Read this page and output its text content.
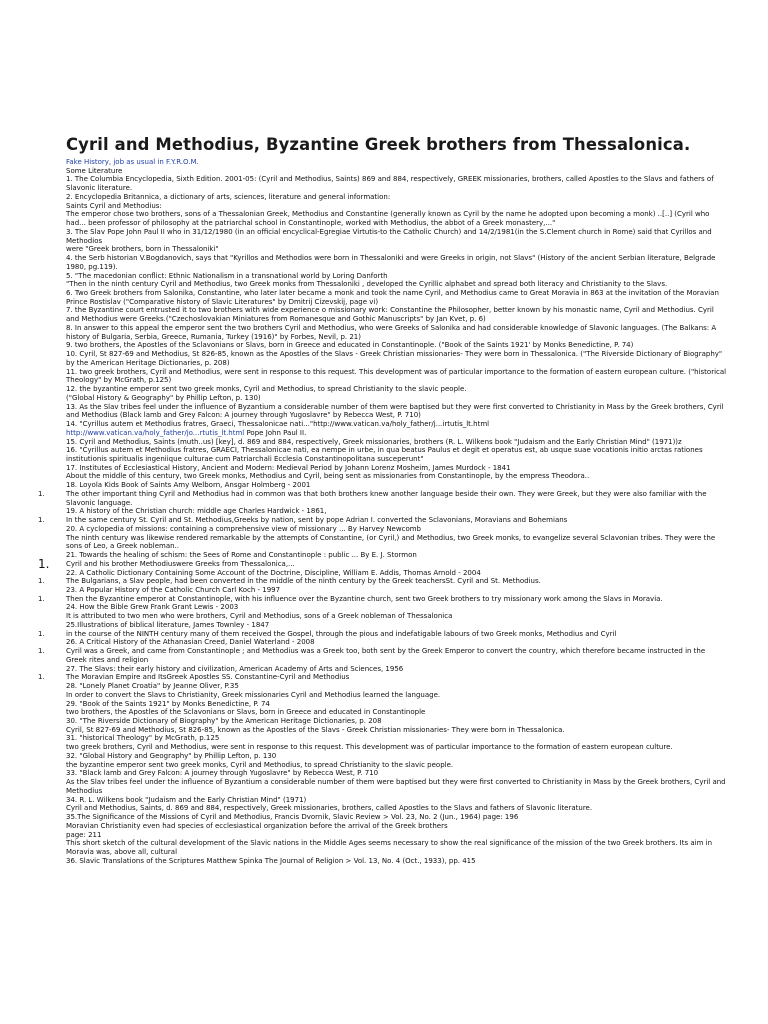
Cyril and Methodius, Byzantine Greek brothers from Thessalonica.
Fake History, job as usual in F.Y.R.O.M.
Some Literature
1. The Columbia Encyclopedia, Sixth Edition. 2001-05: (Cyril and Methodius, Saints) 869 and 884, respectively, GREEK missionaries, brothers, called Apostles to the Slavs and fathers of Slavonic literature.
2. Encyclopedia Britannica, a dictionary of arts, sciences, literature and general information:
Saints Cyril and Methodius:
The emperor chose two brothers, sons of a Thessalonian Greek, Methodius and Constantine (generally known as Cyril by the name he adopted upon becoming a monk) ..[..] (Cyril who had... been professor of philosophy at the patriarchal school in Constantinople, worked with Methodius, the abbot of a Greek monastery,..."
3. The Slav Pope John Paul II who in 31/12/1980 (in an official encyclical-Egregiae Virtutis-to the Catholic Church) and 14/2/1981(in the S.Clement church in Rome) said that Cyrillos and Methodios
were "Greek brothers, born in Thessaloniki"
4. the Serb historian V.Bogdanovich, says that "Kyrillos and Methodios were born in Thessaloniki and were Greeks in origin, not Slavs" (History of the ancient Serbian literature, Belgrade 1980, pg.119).
5. "The macedonian conflict: Ethnic Nationalism in a transnational world by Loring Danforth
"Then in the ninth century Cyril and Methodius, two Greek monks from Thessaloniki , developed the Cyrillic alphabet and spread both literacy and Christianity to the Slavs.
6. Two Greek brothers from Salonika, Constantine, who later later became a monk and took the name Cyril, and Methodius came to Great Moravia in 863 at the invitation of the Moravian Prince Rostislav ("Comparative history of Slavic Literatures" by Dmitrij Cizevskij, page vi)
7. the Byzantine court entrusted it to two brothers with wide experience o missionary work: Constantine the Philosopher, better known by his monastic name, Cyril and Methodius. Cyril and Methodius were Greeks.("Czechoslovakian Miniatures from Romanesque and Gothic Manuscripts" by Jan Kvet, p. 6)
8. In answer to this appeal the emperor sent the two brothers Cyril and Methodius, who were Greeks of Salonika and had considerable knowledge of Slavonic languages. (The Balkans: A history of Bulgaria, Serbia, Greece, Rumania, Turkey (1916)" by Forbes, Nevil, p. 21)
9. two brothers, the Apostles of the Sclavonians or Slavs, born in Greece and educated in Constantinople. ("Book of the Saints 1921' by Monks Benedictine, P. 74)
10. Cyril, St 827-69 and Methodius, St 826-85, known as the Apostles of the Slavs - Greek Christian missionaries- They were born in Thessalonica. ("The Riverside Dictionary of Biography" by the American Heritage Dictionaries, p. 208)
11. two greek brothers, Cyril and Methodius, were sent in response to this request. This development was of particular importance to the formation of eastern european culture. ("historical Theology" by McGrath, p.125)
12. the byzantine emperor sent two greek monks, Cyril and Methodius, to spread Christianity to the slavic people.
("Global History & Geography" by Phillip Lefton, p. 130)
13. As the Slav tribes feel under the influence of Byzantium a considerable number of them were baptised but they were first converted to Christianity in Mass by the Greek brothers, Cyril and Methodius (Black lamb and Grey Falcon: A journey through Yugoslavre" by Rebecca West, P. 710)
14. "Cyrillus autem et Methodius fratres, Graeci, Thessalonicae nati..."http://www.vatican.va/holy_father/j...irtutis_lt.html
http://www.vatican.va/holy_father/jo...rtutis_lt.html Pope John Paul II.
15. Cyril and Methodius, Saints (muth..us) [key], d. 869 and 884, respectively, Greek missionaries, brothers (R. L. Wilkens book "Judaism and the Early Christian Mind" (1971))z
16. "Cyrillus autem et Methodius fratres, GRAECI, Thessalonicae nati, ea nempe in urbe, in qua beatus Paulus et degit et operatus est, ab usque suae vocationis initio arctas rationes institutionis spiritualis ingeniique culturae cum Patriarchali Ecclesia Constantinopolitana susceperunt"
17. Institutes of Ecclesiastical History, Ancient and Modern: Medieval Period by Johann Lorenz Mosheim, James Murdock - 1841
About the middle of this century, two Greek monks, Methodius and Cyril, being sent as missionaries from Constantinople, by the empress Theodora..
18. Loyola Kids Book of Saints Amy Welborn, Ansgar Holmberg - 2001
1.	The other important thing Cyril and Methodius had in common was that both brothers knew another language beside their own. They were Greek, but they were also familiar with the Slavonic language.
19. A history of the Christian church: middle age Charles Hardwick - 1861,
1.	In the same century St. Cyril and St. Methodius,Greeks by nation, sent by pope Adrian I. converted the Sclavonians, Moravians and Bohemians
20. A cyclopedia of missions: containing a comprehensive view of missionary ... By Harvey Newcomb
The ninth century was likewise rendered remarkable by the attempts of Constantine, (or Cyril,) and Methodius, two Greek monks, to evangelize several Sclavonian tribes. They were the sons of Leo, a Greek nobleman..
21. Towards the healing of schism: the Sees of Rome and Constantinople : public ... By E. J. Stormon
1. Cyril and his brother Methodiuswere Greeks from Thessalonica,...
22. A Catholic Dictionary Containing Some Account of the Doctrine, Discipline, William E. Addis, Thomas Arnold - 2004
1.	The Bulgarians, a Slav people, had been converted in the middle of the ninth century by the Greek teachersSt. Cyril and St. Methodius.
23. A Popular History of the Catholic Church Carl Koch - 1997
1.	Then the Byzantine emperor at Constantinople, with his influence over the Byzantine church, sent two Greek brothers to try missionary work among the Slavs in Moravia.
24. How the Bible Grew Frank Grant Lewis - 2003
It is attributed to two men who were brothers, Cyril and Methodius, sons of a Greek nobleman of Thessalonica
25.Illustrations of biblical literature, James Townley - 1847
1.	in the course of the NINTH century many of them received the Gospel, through the pious and indefatigable labours of two Greek monks, Methodius and Cyril
26. A Critical History of the Athanasian Creed, Daniel Waterland - 2008
1.	Cyril was a Greek, and came from Constantinople ; and Methodius was a Greek too, both sent by the Greek Emperor to convert the country, which therefore became instructed in the Greek rites and religion
27. The Slavs: their early history and civilization, American Academy of Arts and Sciences, 1956
1.	The Moravian Empire and ItsGreek Apostles SS. Constantine-Cyril and Methodius
28. "Lonely Planet Croatia" by Jeanne Oliver, P.35
In order to convert the Slavs to Christianity, Greek missionaries Cyril and Methodius learned the language.
29. "Book of the Saints 1921" by Monks Benedictine, P. 74
two brothers, the Apostles of the Sclavonians or Slavs, born in Greece and educated in Constantinople
30. "The Riverside Dictionary of Biography" by the American Heritage Dictionaries, p. 208
Cyril, St 827-69 and Methodius, St 826-85, known as the Apostles of the Slavs - Greek Christian missionaries- They were born in Thessalonica.
31. "historical Theology" by McGrath, p.125
two greek brothers, Cyril and Methodius, were sent in response to this request. This development was of particular importance to the formation of eastern european culture.
32. "Global History and Geography" by Phillip Lefton, p. 130
the byzantine emperor sent two greek monks, Cyril and Methodius, to spread Christianity to the slavic people.
33. "Black lamb and Grey Falcon: A journey through Yugoslavre" by Rebecca West, P. 710
As the Slav tribes feel under the influence of Byzantium a considerable number of them were baptised but they were first converted to Christianity in Mass by the Greek brothers, Cyril and Methodius
34. R. L. Wilkens book "Judaism and the Early Christian Mind" (1971)
Cyril and Methodius, Saints, d. 869 and 884, respectively, Greek missionaries, brothers, called Apostles to the Slavs and fathers of Slavonic literature.
35.The Significance of the Missions of Cyril and Methodius, Francis Dvornik, Slavic Review > Vol. 23, No. 2 (Jun., 1964) page: 196
Moravian Christianity even had species of ecclesiastical organization before the arrival of the Greek brothers
page: 211
This short sketch of the cultural development of the Slavic nations in the Middle Ages seems necessary to show the real significance of the mission of the two Greek brothers. Its aim in Moravia was, above all, cultural
36. Slavic Translations of the Scriptures Matthew Spinka The Journal of Religion > Vol. 13, No. 4 (Oct., 1933), pp. 415
